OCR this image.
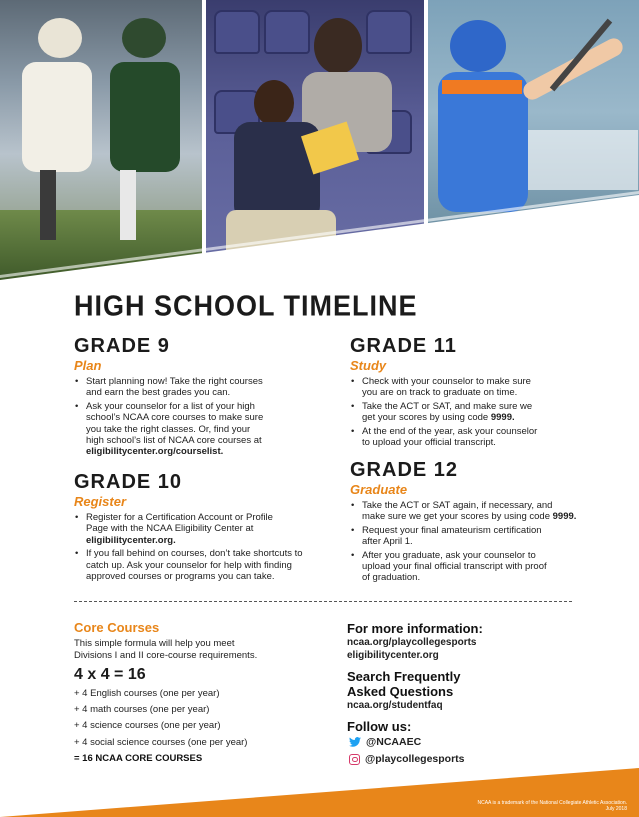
HIGH SCHOOL TIMELINE
GRADE 9
Plan
• Start planning now! Take the right courses
and earn the best grades you can.
• Ask your counselor for a list of your high
school’s NCAA core courses to make sure
you take the right classes. Or, find your
high school’s list of NCAA core courses at
eligibilitycenter.org/courselist.
GRADE 10
Register
• Register for a Certification Account or Profile
Page with the NCAA Eligibility Center at
eligibilitycenter.org.
• If you fall behind on courses, don’t take shortcuts to
catch up. Ask your counselor for help with finding
approved courses or programs you can take.
GRADE 11
Study
• Check with your counselor to make sure
you are on track to graduate on time.
• Take the ACT or SAT, and make sure we
get your scores by using code 9999.
• At the end of the year, ask your counselor
to upload your official transcript.
GRADE 12
Graduate
• Take the ACT or SAT again, if necessary, and
make sure we get your scores by using code 9999.
• Request your final amateurism certification
after April 1.
• After you graduate, ask your counselor to
upload your final official transcript with proof
of graduation.
Core Courses
This simple formula will help you meet
Divisions I and II core-course requirements.
4 x 4 = 16
+ 4 English courses (one per year)
+ 4 math courses (one per year)
+ 4 science courses (one per year)
+ 4 social science courses (one per year)
= 16 NCAA CORE COURSES
For more information:
ncaa.org/playcollegesports
eligibilitycenter.org
Search Frequently
Asked Questions
ncaa.org/studentfaq
Follow us:
@NCAAEC
@playcollegesports
NCAA is a trademark of the National Collegiate Athletic Association.
July 2018
